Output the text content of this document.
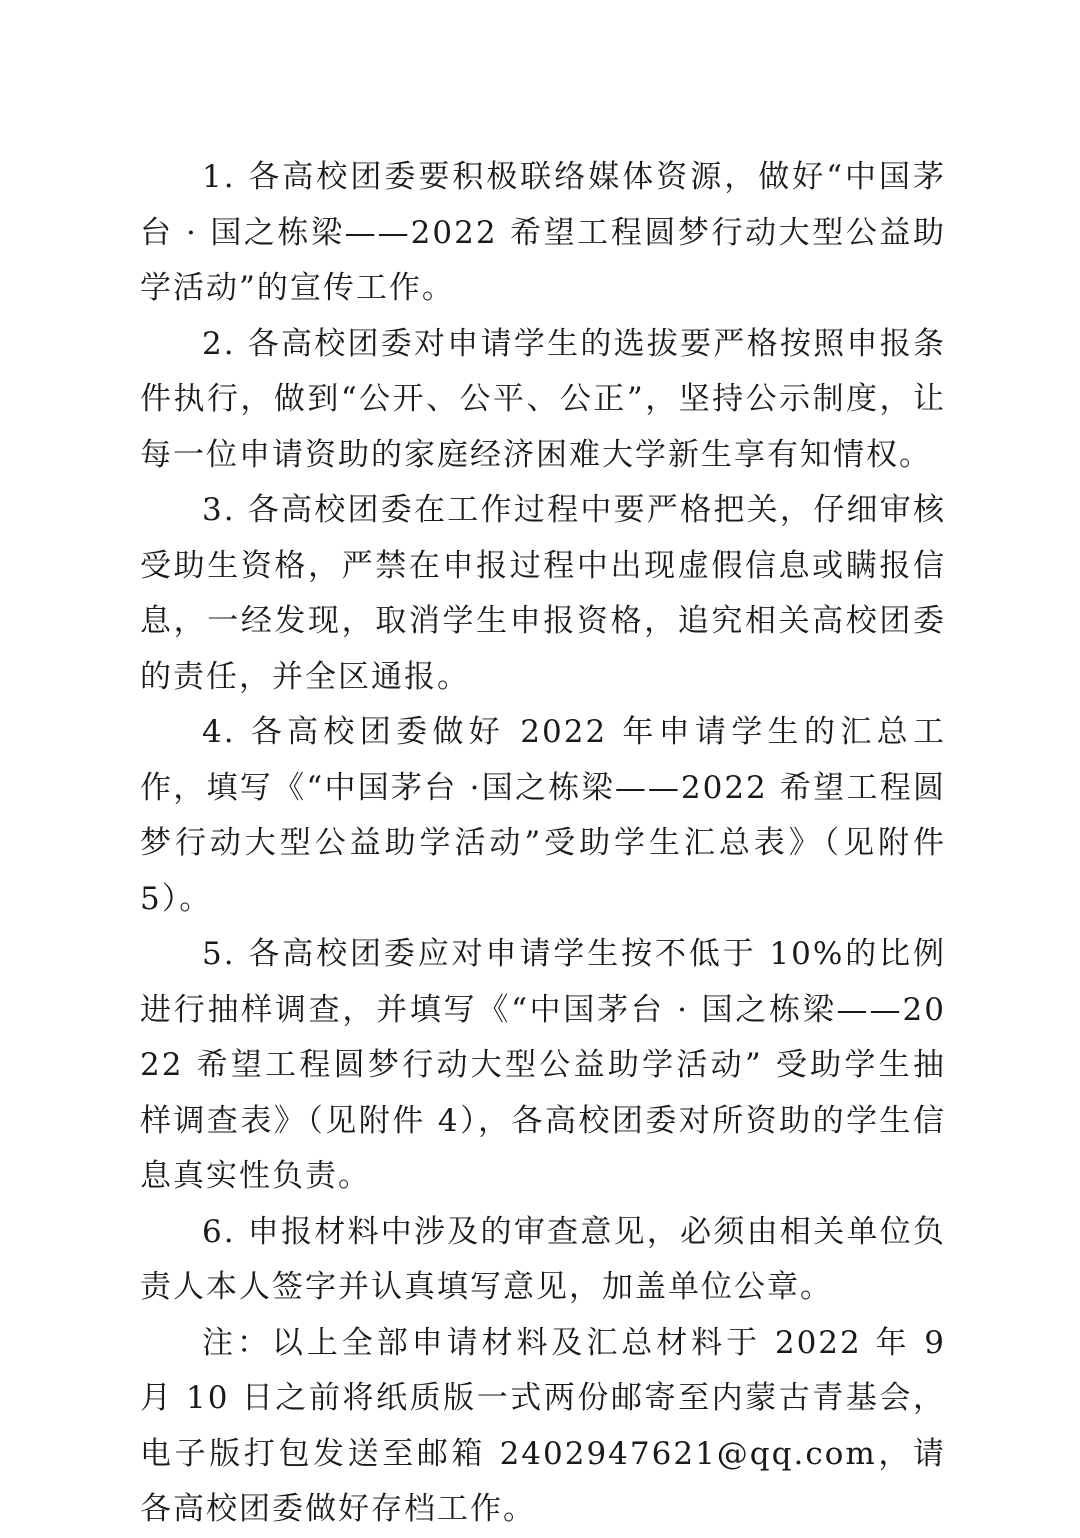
1. 各高校团委要积极联络媒体资源，做好“中国茅台 · 国之栋梁——2022 希望工程圆梦行动大型公益助学活动”的宣传工作。

2. 各高校团委对申请学生的选拔要严格按照申报条件执行，做到“公开、公平、公正”，坚持公示制度，让每一位申请资助的家庭经济困难大学新生享有知情权。

3. 各高校团委在工作过程中要严格把关，仔细审核受助生资格，严禁在申报过程中出现虚假信息或瞒报信息，一经发现，取消学生申报资格，追究相关高校团委的责任，并全区通报。

4. 各高校团委做好 2022 年申请学生的汇总工作，填写《“中国茅台 ·国之栋梁——2022 希望工程圆梦行动大型公益助学活动”受助学生汇总表》（见附件 5）。

5. 各高校团委应对申请学生按不低于 10%的比例进行抽样调查，并填写《“中国茅台 · 国之栋梁——2022 希望工程圆梦行动大型公益助学活动” 受助学生抽样调查表》（见附件 4），各高校团委对所资助的学生信息真实性负责。

6. 申报材料中涉及的审查意见，必须由相关单位负责人本人签字并认真填写意见，加盖单位公章。

注：以上全部申请材料及汇总材料于 2022 年 9 月 10 日之前将纸质版一式两份邮寄至内蒙古青基会，电子版打包发送至邮箱 2402947621@qq.com，请各高校团委做好存档工作。
